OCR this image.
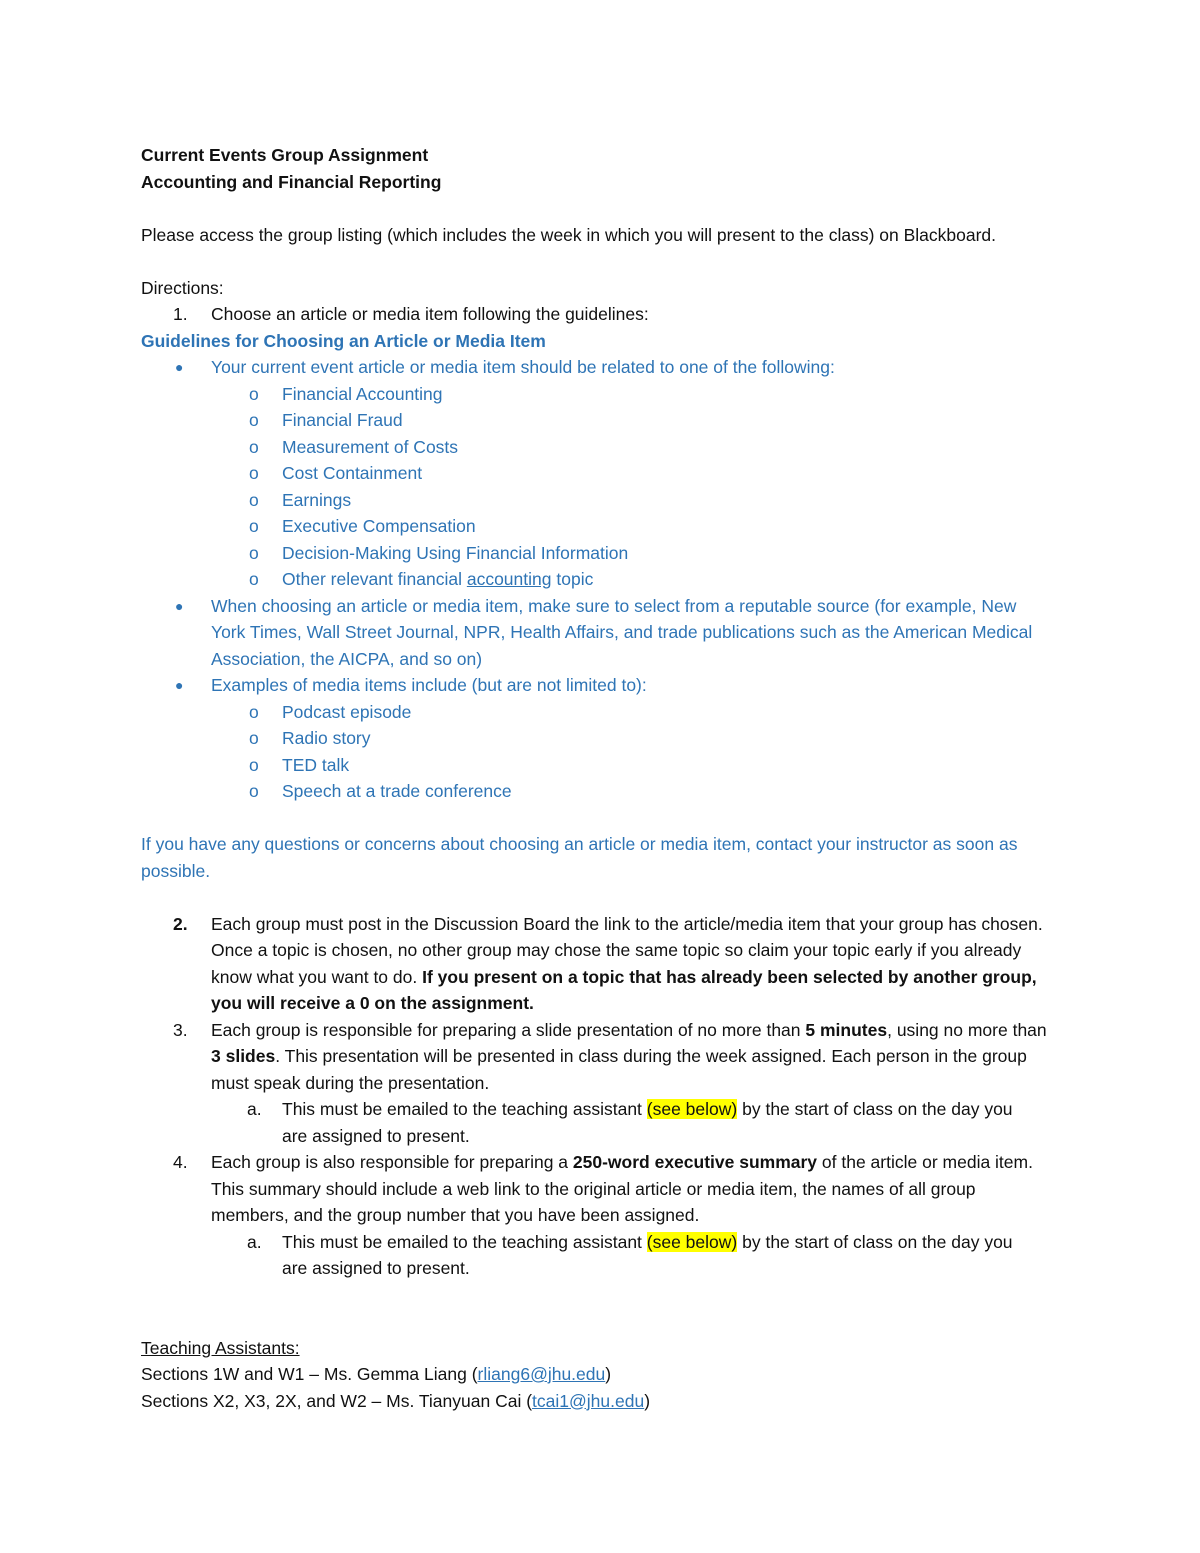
Current Events Group Assignment
Accounting and Financial Reporting
Please access the group listing (which includes the week in which you will present to the class) on Blackboard.
Directions:
1.	Choose an article or media item following the guidelines:
Guidelines for Choosing an Article or Media Item
●	Your current event article or media item should be related to one of the following:
o	Financial Accounting
o	Financial Fraud
o	Measurement of Costs
o	Cost Containment
o	Earnings
o	Executive Compensation
o	Decision-Making Using Financial Information
o	Other relevant financial accounting topic
●	When choosing an article or media item, make sure to select from a reputable source (for example, New York Times, Wall Street Journal, NPR, Health Affairs, and trade publications such as the American Medical Association, the AICPA, and so on)
●	Examples of media items include (but are not limited to):
o	Podcast episode
o	Radio story
o	TED talk
o	Speech at a trade conference
If you have any questions or concerns about choosing an article or media item, contact your instructor as soon as possible.
2.	Each group must post in the Discussion Board the link to the article/media item that your group has chosen. Once a topic is chosen, no other group may chose the same topic so claim your topic early if you already know what you want to do. If you present on a topic that has already been selected by another group, you will receive a 0 on the assignment.
3.	Each group is responsible for preparing a slide presentation of no more than 5 minutes, using no more than 3 slides. This presentation will be presented in class during the week assigned. Each person in the group must speak during the presentation.
a.	This must be emailed to the teaching assistant (see below) by the start of class on the day you are assigned to present.
4.	Each group is also responsible for preparing a 250-word executive summary of the article or media item. This summary should include a web link to the original article or media item, the names of all group members, and the group number that you have been assigned.
a.	This must be emailed to the teaching assistant (see below) by the start of class on the day you are assigned to present.
Teaching Assistants:
Sections 1W and W1 – Ms. Gemma Liang (rliang6@jhu.edu)
Sections X2, X3, 2X, and W2 – Ms. Tianyuan Cai (tcai1@jhu.edu)
